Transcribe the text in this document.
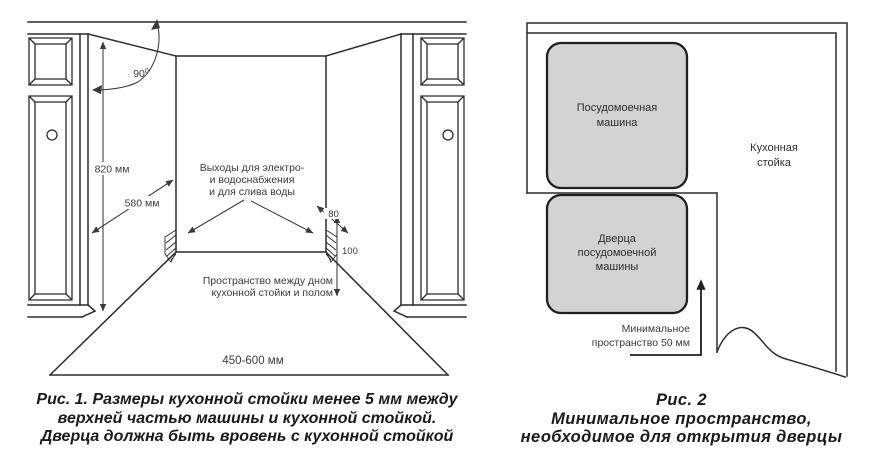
820 мм
580 мм
$90^0$
Выходы для электро-
и водоснабжения
и для слива воды
80
100
Пространство между дном
кухонной стойки и полом
450-600 мм
Посудомоечная
машина
Дверца
посудомоечной
машины
Кухонная
стойка
Минимальное
пространство 50 мм
Рис. 1. Размеры кухонной стойки менее 5 мм между
верхней частью машины и кухонной стойкой.
Дверца должна быть вровень с кухонной стойкой
Рис. 2
Минимальное пространство,
необходимое для открытия дверцы
